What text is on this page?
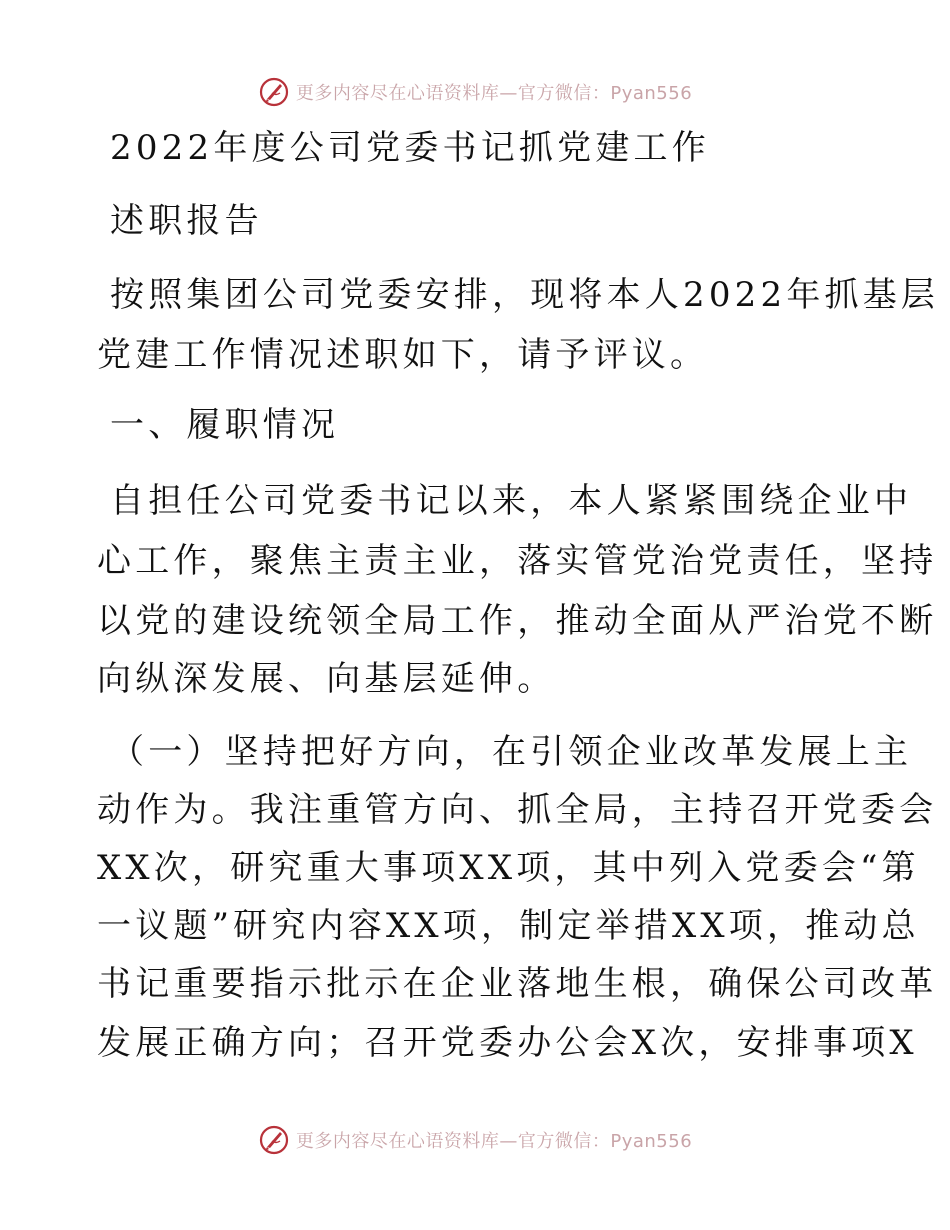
更多内容尽在心语资料库—官方微信：Pyan556
2022年度公司党委书记抓党建工作
述职报告
按照集团公司党委安排，现将本人2022年抓基层
党建工作情况述职如下，请予评议。
一、履职情况
自担任公司党委书记以来，本人紧紧围绕企业中
心工作，聚焦主责主业，落实管党治党责任，坚持
以党的建设统领全局工作，推动全面从严治党不断
向纵深发展、向基层延伸。
（一）坚持把好方向，在引领企业改革发展上主
动作为。我注重管方向、抓全局，主持召开党委会
XX次，研究重大事项XX项，其中列入党委会“第
一议题”研究内容XX项，制定举措XX项，推动总
书记重要指示批示在企业落地生根，确保公司改革
发展正确方向；召开党委办公会X次，安排事项X
更多内容尽在心语资料库—官方微信：Pyan556
